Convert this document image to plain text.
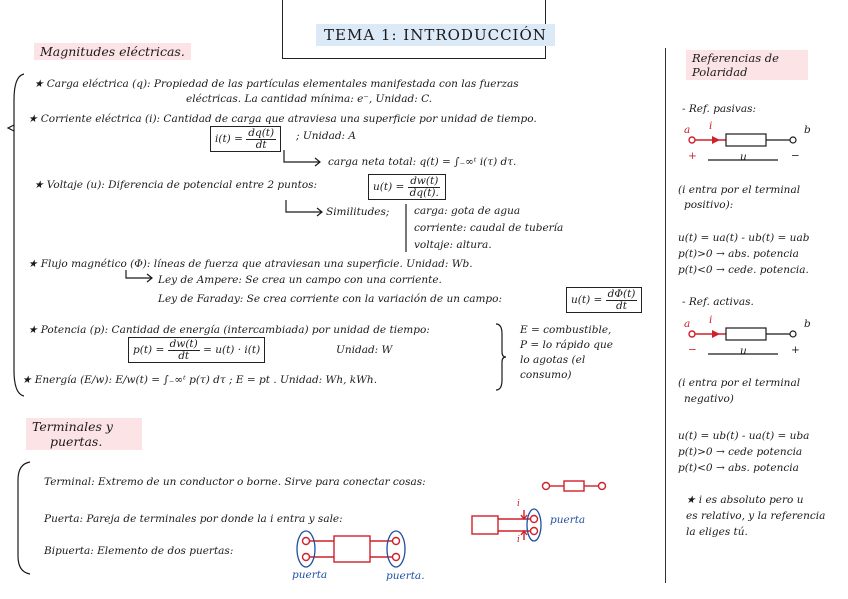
TEMA 1: INTRODUCCIÓN
Magnitudes eléctricas.
★ Carga eléctrica (q): Propiedad de las partículas elementales manifestada con las fuerzas
eléctricas. La cantidad mínima: e⁻, Unidad: C.
★ Corriente eléctrica (i): Cantidad de carga que atraviesa una superficie por unidad de tiempo.
$i(t) = \frac{dq(t)}{dt}$ ; Unidad: A
carga neta total: q(t) = ∫₋∞ᵗ i(τ) dτ.
★ Voltaje (u): Diferencia de potencial entre 2 puntos:	$u(t) = \frac{dw(t)}{dq(t).}$
Similitudes; carga: gota de agua
corriente: caudal de tubería
voltaje: altura.
★ Flujo magnético (Φ): líneas de fuerza que atraviesan una superficie. Unidad: Wb.
Ley de Ampere: Se crea un campo con una corriente.
Ley de Faraday: Se crea corriente con la variación de un campo:	$u(t) = \frac{d\Phi(t)}{dt}$
★ Potencia (p): Cantidad de energía (intercambiada) por unidad de tiempo:
$p(t) = \frac{dw(t)}{dt} = u(t) \cdot i(t)$	Unidad: W
★ Energía (E/w): E/w(t) = ∫₋∞ᵗ p(τ) dτ ; E = pt . Unidad: Wh, kWh.
E = combustible,
P = lo rápido que
lo agotas (el
consumo)
Terminales y
puertas.
Terminal: Extremo de un conductor o borne. Sirve para conectar cosas:
Puerta: Pareja de terminales por donde la i entra y sale:
i
i
puerta
Bipuerta: Elemento de dos puertas:
puerta	puerta.
Referencias de
Polaridad
- Ref. pasivas:
a i	b
+	u	−
(i entra por el terminal
positivo):
u(t) = ua(t) - ub(t) = uab
p(t)>0 → abs. potencia
p(t)<0 → cede. potencia.
- Ref. activas.
a i	b
−	u	+
(i entra por el terminal
negativo)
u(t) = ub(t) - ua(t) = uba
p(t)>0 → cede potencia
p(t)<0 → abs. potencia
★ i es absoluto pero u
es relativo, y la referencia
la eliges tú.
